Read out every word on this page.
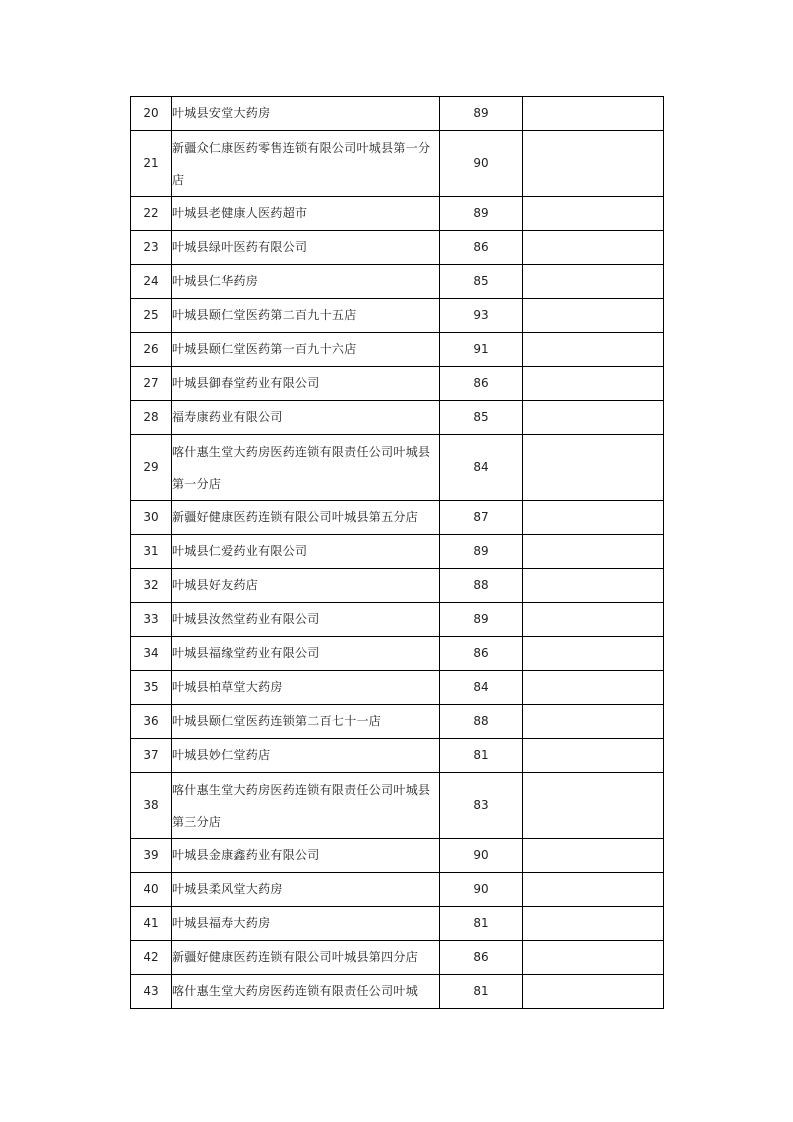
20	叶城县安堂大药房	89	
21	新疆众仁康医药零售连锁有限公司叶城县第一分店	90	
22	叶城县老健康人医药超市	89	
23	叶城县绿叶医药有限公司	86	
24	叶城县仁华药房	85	
25	叶城县颐仁堂医药第二百九十五店	93	
26	叶城县颐仁堂医药第一百九十六店	91	
27	叶城县御春堂药业有限公司	86	
28	福寿康药业有限公司	85	
29	喀什惠生堂大药房医药连锁有限责任公司叶城县第一分店	84	
30	新疆好健康医药连锁有限公司叶城县第五分店	87	
31	叶城县仁爱药业有限公司	89	
32	叶城县好友药店	88	
33	叶城县汝然堂药业有限公司	89	
34	叶城县福缘堂药业有限公司	86	
35	叶城县柏草堂大药房	84	
36	叶城县颐仁堂医药连锁第二百七十一店	88	
37	叶城县妙仁堂药店	81	
38	喀什惠生堂大药房医药连锁有限责任公司叶城县第三分店	83	
39	叶城县金康鑫药业有限公司	90	
40	叶城县柔风堂大药房	90	
41	叶城县福寿大药房	81	
42	新疆好健康医药连锁有限公司叶城县第四分店	86	
43	喀什惠生堂大药房医药连锁有限责任公司叶城	81	
